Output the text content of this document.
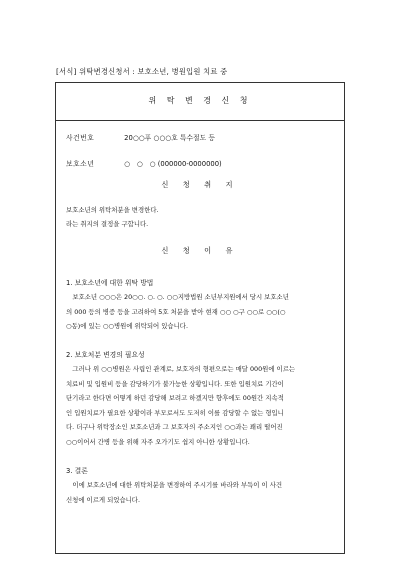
[서식] 위탁변경신청서 : 보호소년, 병원입원 치료 중
위 탁 변 경 신 청
사건번호	20○○푸 ○○○호 특수절도 등
보호소년	○　○　○ (000000-0000000)
신 청 취 지
보호소년의 위탁처분을 변경한다.
라는 취지의 결정을 구합니다.
신 청 이 유
1. 보호소년에 대한 위탁 방법
　보호소년 ○○○은 20○○. ○. ○. ○○지방법원 소년부지원에서 당시 보호소년
의 000 등의 병증 등을 고려하여 5호 처분을 받아 현재 ○○ ○구 ○○로 ○○(○
○동)에 있는 ○○병원에 위탁되어 있습니다.
2. 보호처분 변경의 필요성
　그러나 위 ○○병원은 사립인 관계로, 보호자의 형편으로는 매달 000원에 이르는
치료비 및 입원비 등을 감당하기가 불가능한 상황입니다. 또한 입원치료 기간이
단기라고 한다면 어떻게 하던 감당해 보려고 하겠지만 향후에도 00원간 지속적
인 입원치료가 필요한 상황이라 부모로서도 도저히 이를 감당할 수 없는 형입니
다. 더구나 위탁장소인 보호소년과 그 보호자의 주소지인 ○○과는 꽤리 떨어진
○○이어서 간병 등을 위해 자주 오가기도 쉽지 아니한 상황입니다.
3. 결론
　이에 보호소년에 대한 위탁처분을 변경하여 주시기를 바라와 부득이 이 사건
신청에 이르게 되었습니다.
